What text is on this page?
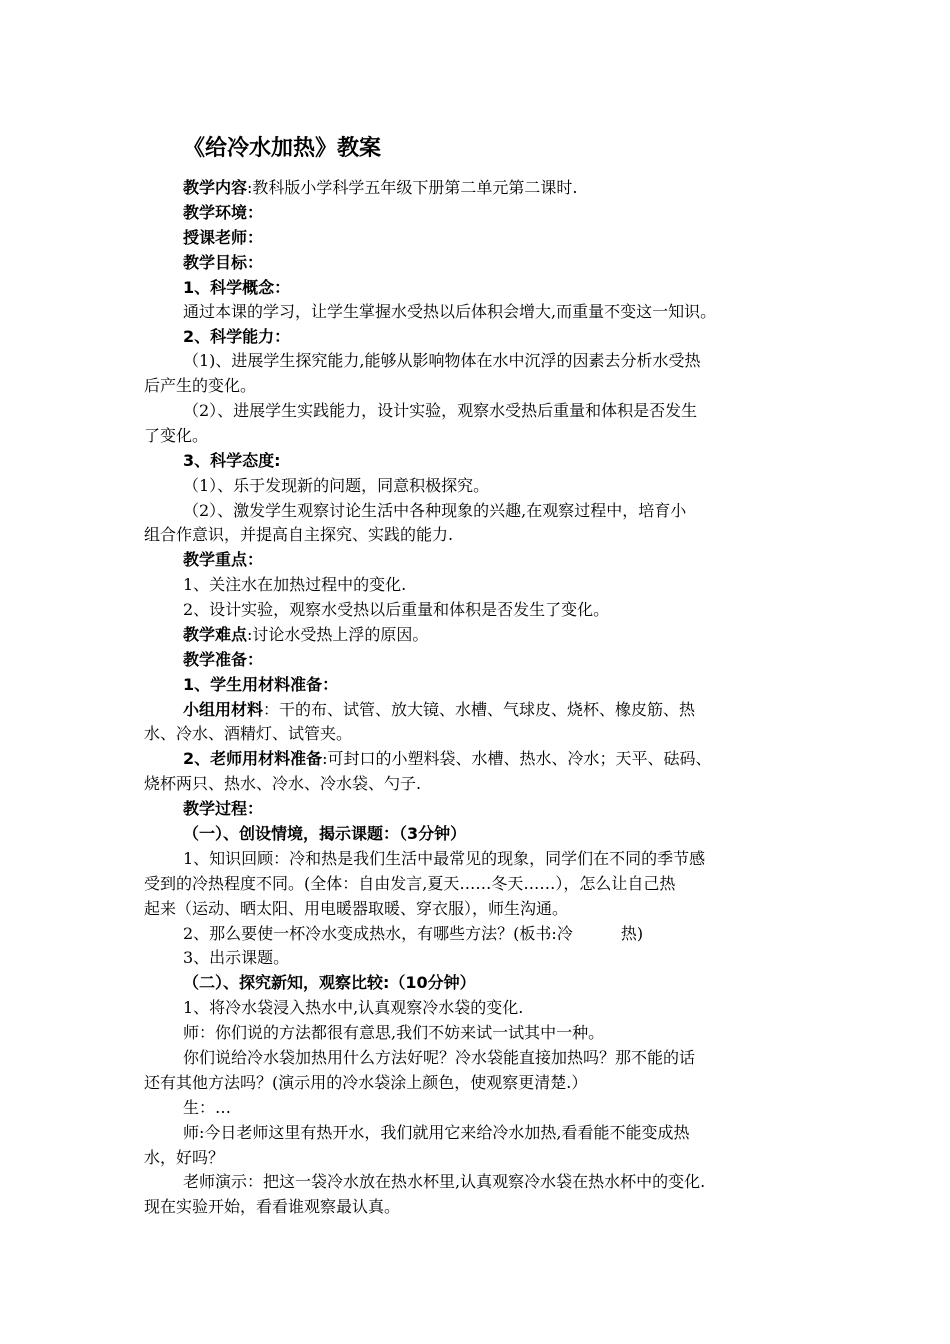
《给冷水加热》教案
教学内容:教科版小学科学五年级下册第二单元第二课时.
教学环境：
授课老师：
教学目标：
1、科学概念：
通过本课的学习，让学生掌握水受热以后体积会增大,而重量不变这一知识。
2、科学能力：
（1)、进展学生探究能力,能够从影响物体在水中沉浮的因素去分析水受热
后产生的变化。
（2）、进展学生实践能力，设计实验，观察水受热后重量和体积是否发生
了变化。
3、科学态度:
（1）、乐于发现新的问题，同意积极探究。
（2）、激发学生观察讨论生活中各种现象的兴趣,在观察过程中，培育小
组合作意识，并提高自主探究、实践的能力.
教学重点：
1、关注水在加热过程中的变化.
2、设计实验，观察水受热以后重量和体积是否发生了变化。
教学难点:讨论水受热上浮的原因。
教学准备：
1、学生用材料准备：
小组用材料：干的布、试管、放大镜、水槽、气球皮、烧杯、橡皮筋、热
水、冷水、酒精灯、试管夹。
2、老师用材料准备:可封口的小塑料袋、水槽、热水、冷水；天平、砝码、
烧杯两只、热水、冷水、冷水袋、勺子.
教学过程：
（一）、创设情境，揭示课题：（3分钟）
1、知识回顾：冷和热是我们生活中最常见的现象，同学们在不同的季节感
受到的冷热程度不同。(全体：自由发言,夏天……冬天……），怎么让自己热
起来（运动、晒太阳、用电暖器取暖、穿衣服），师生沟通。
2、那么要使一杯冷水变成热水，有哪些方法？(板书:冷　　　热)
3、出示课题。
（二）、探究新知，观察比较:（10分钟）
1、将冷水袋浸入热水中,认真观察冷水袋的变化.
师：你们说的方法都很有意思,我们不妨来试一试其中一种。
你们说给冷水袋加热用什么方法好呢？冷水袋能直接加热吗？那不能的话
还有其他方法吗？(演示用的冷水袋涂上颜色，使观察更清楚.）
生：…
师:今日老师这里有热开水，我们就用它来给冷水加热,看看能不能变成热
水，好吗？
老师演示：把这一袋冷水放在热水杯里,认真观察冷水袋在热水杯中的变化.
现在实验开始，看看谁观察最认真。
